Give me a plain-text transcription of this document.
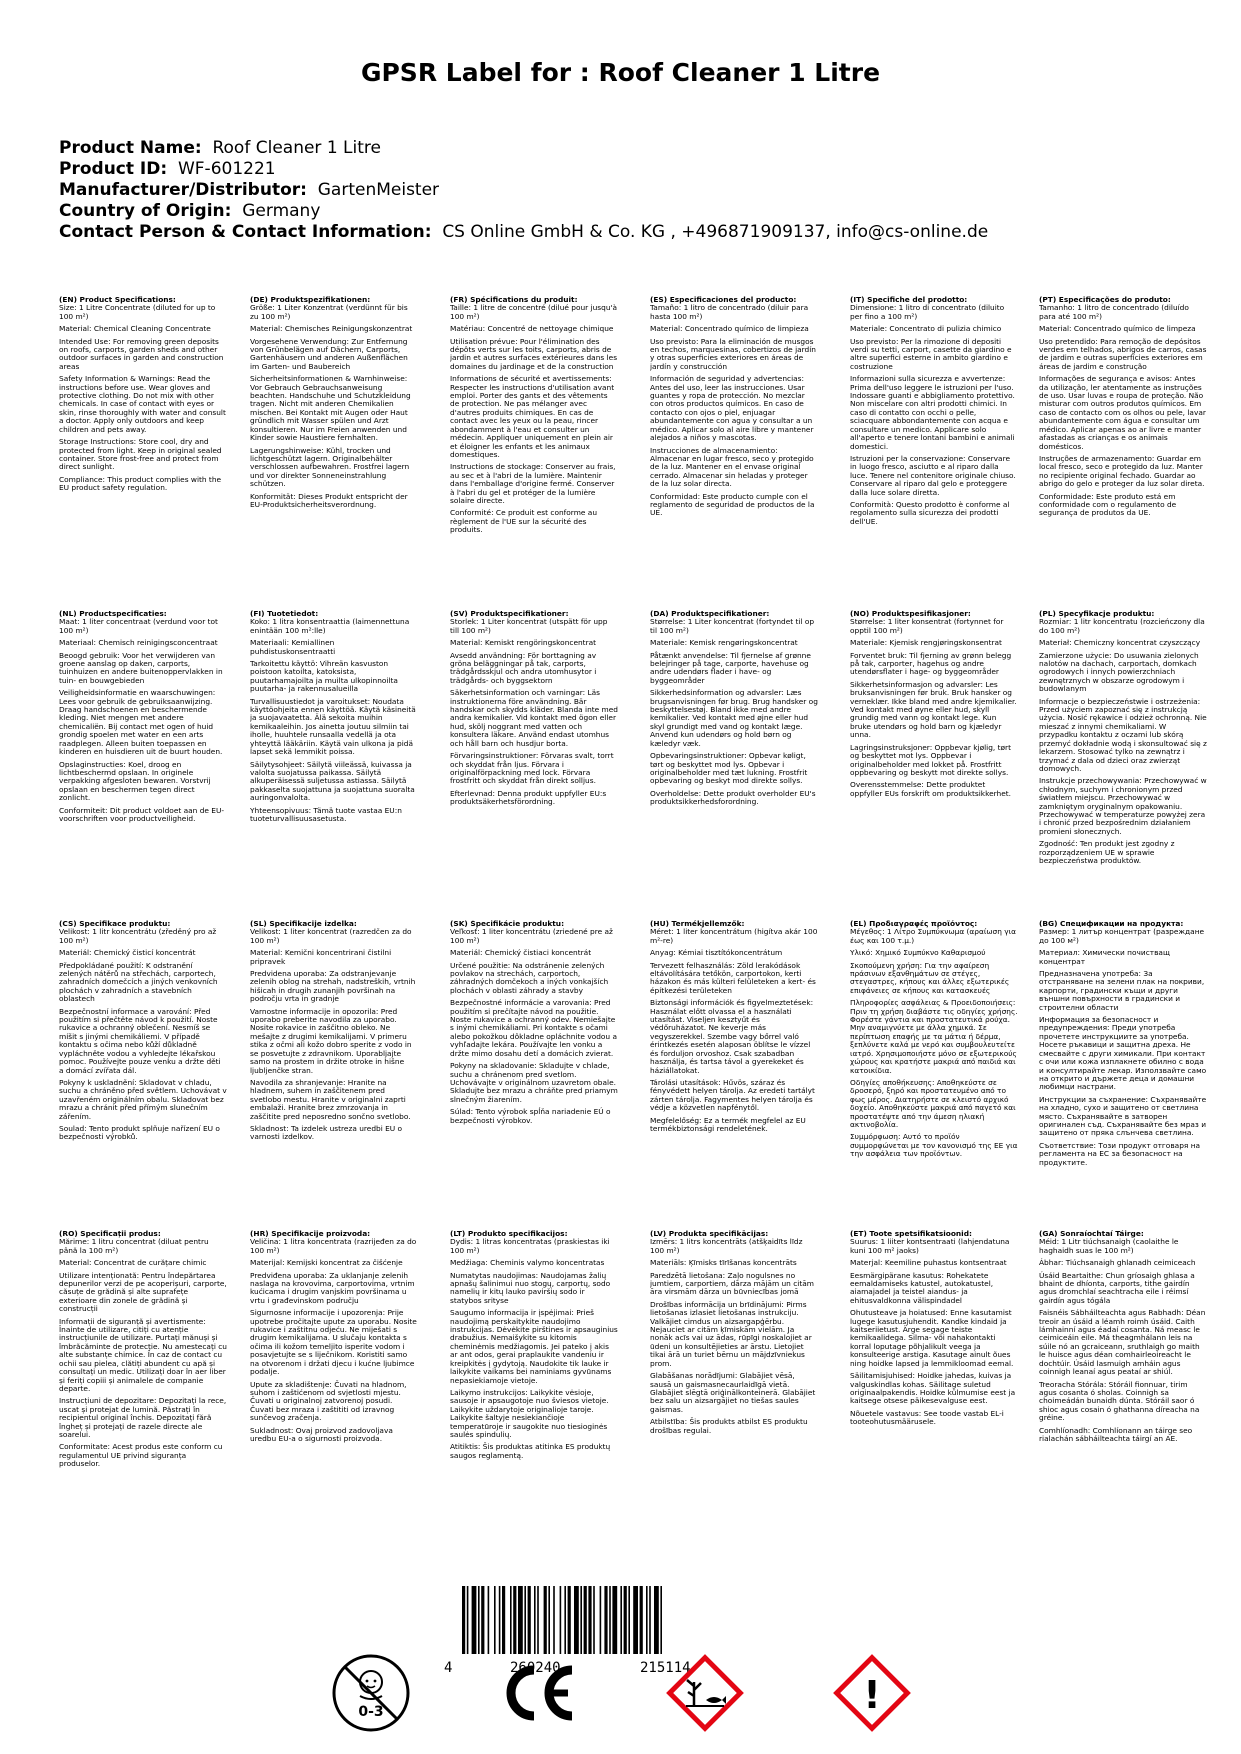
GPSR Label for : Roof Cleaner 1 Litre
Product Name: Roof Cleaner 1 Litre
Product ID: WF-601221
Manufacturer/Distributor: GartenMeister
Country of Origin: Germany
Contact Person & Contact Information: CS Online GmbH & Co. KG , +496871909137, info@cs-online.de
(EN) Product Specifications:

Size: 1 Litre Concentrate (diluted for up to 100 m²)

Material: Chemical Cleaning Concentrate

Intended Use: For removing green deposits on roofs, carports, garden sheds and other outdoor surfaces in garden and construction areas

Safety Information & Warnings: Read the instructions before use. Wear gloves and protective clothing. Do not mix with other chemicals. In case of contact with eyes or skin, rinse thoroughly with water and consult a doctor. Apply only outdoors and keep children and pets away.

Storage Instructions: Store cool, dry and protected from light. Keep in original sealed container. Store frost-free and protect from direct sunlight.

Compliance: This product complies with the EU product safety regulation.

(DE) Produktspezifikationen:

Größe: 1 Liter Konzentrat (verdünnt für bis zu 100 m²)

Material: Chemisches Reinigungskonzentrat

Vorgesehene Verwendung: Zur Entfernung von Grünbelägen auf Dächern, Carports, Gartenhäusern und anderen Außenflächen im Garten- und Baubereich

Sicherheitsinformationen & Warnhinweise: Vor Gebrauch Gebrauchsanweisung beachten. Handschuhe und Schutzkleidung tragen. Nicht mit anderen Chemikalien mischen. Bei Kontakt mit Augen oder Haut gründlich mit Wasser spülen und Arzt konsultieren. Nur im Freien anwenden und Kinder sowie Haustiere fernhalten.

Lagerungshinweise: Kühl, trocken und lichtgeschützt lagern. Originalbehälter verschlossen aufbewahren. Frostfrei lagern und vor direkter Sonneneinstrahlung schützen.

Konformität: Dieses Produkt entspricht der EU-Produktsicherheitsverordnung.

(FR) Spécifications du produit:

Taille: 1 litre de concentré (dilué pour jusqu'à 100 m²)

Matériau: Concentré de nettoyage chimique

Utilisation prévue: Pour l'élimination des dépôts verts sur les toits, carports, abris de jardin et autres surfaces extérieures dans les domaines du jardinage et de la construction

Informations de sécurité et avertissements: Respecter les instructions d'utilisation avant emploi. Porter des gants et des vêtements de protection. Ne pas mélanger avec d'autres produits chimiques. En cas de contact avec les yeux ou la peau, rincer abondamment à l'eau et consulter un médecin. Appliquer uniquement en plein air et éloigner les enfants et les animaux domestiques.

Instructions de stockage: Conserver au frais, au sec et à l'abri de la lumière. Maintenir dans l'emballage d'origine fermé. Conserver à l'abri du gel et protéger de la lumière solaire directe.

Conformité: Ce produit est conforme au règlement de l'UE sur la sécurité des produits.

(ES) Especificaciones del producto:

Tamaño: 1 litro de concentrado (diluir para hasta 100 m²)

Material: Concentrado químico de limpieza

Uso previsto: Para la eliminación de musgos en techos, marquesinas, cobertizos de jardín y otras superficies exteriores en áreas de jardín y construcción

Información de seguridad y advertencias: Antes del uso, leer las instrucciones. Usar guantes y ropa de protección. No mezclar con otros productos químicos. En caso de contacto con ojos o piel, enjuagar abundantemente con agua y consultar a un médico. Aplicar solo al aire libre y mantener alejados a niños y mascotas.

Instrucciones de almacenamiento: Almacenar en lugar fresco, seco y protegido de la luz. Mantener en el envase original cerrado. Almacenar sin heladas y proteger de la luz solar directa.

Conformidad: Este producto cumple con el reglamento de seguridad de productos de la UE.

(IT) Specifiche del prodotto:

Dimensione: 1 litro di concentrato (diluito per fino a 100 m²)

Materiale: Concentrato di pulizia chimico

Uso previsto: Per la rimozione di depositi verdi su tetti, carport, casette da giardino e altre superfici esterne in ambito giardino e costruzione

Informazioni sulla sicurezza e avvertenze: Prima dell'uso leggere le istruzioni per l'uso. Indossare guanti e abbigliamento protettivo. Non miscelare con altri prodotti chimici. In caso di contatto con occhi o pelle, sciacquare abbondantemente con acqua e consultare un medico. Applicare solo all'aperto e tenere lontani bambini e animali domestici.

Istruzioni per la conservazione: Conservare in luogo fresco, asciutto e al riparo dalla luce. Tenere nel contenitore originale chiuso. Conservare al riparo dal gelo e proteggere dalla luce solare diretta.

Conformità: Questo prodotto è conforme al regolamento sulla sicurezza dei prodotti dell'UE.

(PT) Especificações do produto:

Tamanho: 1 litro de concentrado (diluído para até 100 m²)

Material: Concentrado químico de limpeza

Uso pretendido: Para remoção de depósitos verdes em telhados, abrigos de carros, casas de jardim e outras superfícies exteriores em áreas de jardim e construção

Informações de segurança e avisos: Antes da utilização, ler atentamente as instruções de uso. Usar luvas e roupa de proteção. Não misturar com outros produtos químicos. Em caso de contacto com os olhos ou pele, lavar abundantemente com água e consultar um médico. Aplicar apenas ao ar livre e manter afastadas as crianças e os animais domésticos.

Instruções de armazenamento: Guardar em local fresco, seco e protegido da luz. Manter no recipiente original fechado. Guardar ao abrigo do gelo e proteger da luz solar direta.

Conformidade: Este produto está em conformidade com o regulamento de segurança de produtos da UE.

(NL) Productspecificaties:

Maat: 1 liter concentraat (verdund voor tot 100 m²)

Materiaal: Chemisch reinigingsconcentraat

Beoogd gebruik: Voor het verwijderen van groene aanslag op daken, carports, tuinhuizen en andere buitenoppervlakken in tuin- en bouwgebieden

Veiligheidsinformatie en waarschuwingen: Lees voor gebruik de gebruiksaanwijzing. Draag handschoenen en beschermende kleding. Niet mengen met andere chemicaliën. Bij contact met ogen of huid grondig spoelen met water en een arts raadplegen. Alleen buiten toepassen en kinderen en huisdieren uit de buurt houden.

Opslaginstructies: Koel, droog en lichtbeschermd opslaan. In originele verpakking afgesloten bewaren. Vorstvrij opslaan en beschermen tegen direct zonlicht.

Conformiteit: Dit product voldoet aan de EU-voorschriften voor productveiligheid.

(FI) Tuotetiedot:

Koko: 1 litra konsentraattia (laimennettuna enintään 100 m²:lle)

Materiaali: Kemiallinen puhdistuskonsentraatti

Tarkoitettu käyttö: Vihreän kasvuston poistoon katoilta, katoksista, puutarhamajoilta ja muilta ulkopinnoilta puutarha- ja rakennusalueilla

Turvallisuustiedot ja varoitukset: Noudata käyttöohjeita ennen käyttöä. Käytä käsineitä ja suojavaatetta. Älä sekoita muihin kemikaaleihin. Jos ainetta joutuu silmiin tai iholle, huuhtele runsaalla vedellä ja ota yhteyttä lääkäriin. Käytä vain ulkona ja pidä lapset sekä lemmikit poissa.

Säilytysohjeet: Säilytä viileässä, kuivassa ja valolta suojatussa paikassa. Säilytä alkuperäisessä suljetussa astiassa. Säilytä pakkaselta suojattuna ja suojattuna suoralta auringonvalolta.

Yhteensopivuus: Tämä tuote vastaa EU:n tuoteturvallisuusasetusta.

(SV) Produktspecifikationer:

Storlek: 1 Liter koncentrat (utspätt för upp till 100 m²)

Material: Kemiskt rengöringskoncentrat

Avsedd användning: För borttagning av gröna beläggningar på tak, carports, trädgårdsskjul och andra utomhusytor i trädgårds- och byggsektorn

Säkerhetsinformation och varningar: Läs instruktionerna före användning. Bär handskar och skydds kläder. Blanda inte med andra kemikalier. Vid kontakt med ögon eller hud, skölj noggrant med vatten och konsultera läkare. Använd endast utomhus och håll barn och husdjur borta.

Förvaringsinstruktioner: Förvaras svalt, torrt och skyddat från ljus. Förvara i originalförpackning med lock. Förvara frostfritt och skyddat från direkt solljus.

Efterlevnad: Denna produkt uppfyller EU:s produktsäkerhetsförordning.

(DA) Produktspecifikationer:

Størrelse: 1 Liter koncentrat (fortyndet til op til 100 m²)

Materiale: Kemisk rengøringskoncentrat

Påtænkt anvendelse: Til fjernelse af grønne belejringer på tage, carporte, havehuse og andre udendørs flader i have- og byggeområder

Sikkerhedsinformation og advarsler: Læs brugsanvisningen før brug. Brug handsker og beskyttelsestøj. Bland ikke med andre kemikalier. Ved kontakt med øjne eller hud skyl grundigt med vand og kontakt læge. Anvend kun udendørs og hold børn og kæledyr væk.

Opbevaringsinstruktioner: Opbevar køligt, tørt og beskyttet mod lys. Opbevar i originalbeholder med tæt lukning. Frostfrit opbevaring og beskyt mod direkte sollys.

Overholdelse: Dette produkt overholder EU's produktsikkerhedsforordning.

(NO) Produktspesifikasjoner:

Størrelse: 1 liter konsentrat (fortynnet for opptil 100 m²)

Materiale: Kjemisk rengjøringskonsentrat

Forventet bruk: Til fjerning av grønn belegg på tak, carporter, hagehus og andre utendørsflater i hage- og byggeområder

Sikkerhetsinformasjon og advarsler: Les bruksanvisningen før bruk. Bruk hansker og verneklær. Ikke bland med andre kjemikalier. Ved kontakt med øyne eller hud, skyll grundig med vann og kontakt lege. Kun bruke utendørs og hold barn og kjæledyr unna.

Lagringsinstruksjoner: Oppbevar kjølig, tørt og beskyttet mot lys. Oppbevar i originalbeholder med lokket på. Frostfritt oppbevaring og beskytt mot direkte sollys.

Overensstemmelse: Dette produktet oppfyller EUs forskrift om produktsikkerhet.

(PL) Specyfikacje produktu:

Rozmiar: 1 litr koncentratu (rozcieńczony dla do 100 m²)

Materiał: Chemiczny koncentrat czyszczący

Zamierzone użycie: Do usuwania zielonych nalotów na dachach, carportach, domkach ogrodowych i innych powierzchniach zewnętrznych w obszarze ogrodowym i budowlanym

Informacje o bezpieczeństwie i ostrzeżenia: Przed użyciem zapoznać się z instrukcją użycia. Nosić rękawice i odzież ochronną. Nie mieszać z innymi chemikaliami. W przypadku kontaktu z oczami lub skórą przemyć dokładnie wodą i skonsultować się z lekarzem. Stosować tylko na zewnątrz i trzymać z dala od dzieci oraz zwierząt domowych.

Instrukcje przechowywania: Przechowywać w chłodnym, suchym i chronionym przed światłem miejscu. Przechowywać w zamkniętym oryginalnym opakowaniu. Przechowywać w temperaturze powyżej zera i chronić przed bezpośrednim działaniem promieni słonecznych.

Zgodność: Ten produkt jest zgodny z rozporządzeniem UE w sprawie bezpieczeństwa produktów.

(CS) Specifikace produktu:

Velikost: 1 litr koncentrátu (zředěný pro až 100 m²)

Materiál: Chemický čisticí koncentrát

Předpokládané použití: K odstranění zelených nátěrů na střechách, carportech, zahradních domečcích a jiných venkovních plochách v zahradních a stavebních oblastech

Bezpečnostní informace a varování: Před použitím si přečtěte návod k použití. Noste rukavice a ochranný oblečení. Nesmíš se míšit s jinými chemikáliemi. V případě kontaktu s očima nebo kůží důkladně vypláchněte vodou a vyhledejte lékařskou pomoc. Používejte pouze venku a držte děti a domácí zvířata dál.

Pokyny k uskladnění: Skladovat v chladu, suchu a chráněno před světlem. Uchovávat v uzavřeném originálním obalu. Skladovat bez mrazu a chránit před přímým slunečním zářením.

Soulad: Tento produkt splňuje nařízení EU o bezpečnosti výrobků.

(SL) Specifikacije izdelka:

Velikost: 1 liter koncentrat (razredčen za do 100 m²)

Material: Kemični koncentrirani čistilni pripravek

Predvidena uporaba: Za odstranjevanje zelenih oblog na strehah, nadstreških, vrtnih hišicah in drugih zunanjih površinah na področju vrta in gradnje

Varnostne informacije in opozorila: Pred uporabo preberite navodila za uporabo. Nosite rokavice in zaščitno obleko. Ne mešajte z drugimi kemikalijami. V primeru stika z očmi ali kožo dobro sperite z vodo in se posvetujte z zdravnikom. Uporabljajte samo na prostem in držite otroke in hišne ljubljenčke stran.

Navodila za shranjevanje: Hranite na hladnem, suhem in zaščitenem pred svetlobo mestu. Hranite v originalni zaprti embalaži. Hranite brez zmrzovanja in zaščitite pred neposredno sončno svetlobo.

Skladnost: Ta izdelek ustreza uredbi EU o varnosti izdelkov.

(SK) Špecifikácie produktu:

Veľkosť: 1 liter koncentrátu (zriedené pre až 100 m²)

Materiál: Chemický čistiaci koncentrát

Určené použitie: Na odstránenie zelených povlakov na strechách, carportoch, záhradných domčekoch a iných vonkajších plochách v oblasti záhrady a stavby

Bezpečnostné informácie a varovania: Pred použitím si prečítajte návod na použitie. Noste rukavice a ochranný odev. Nemiešajte s inými chemikáliami. Pri kontakte s očami alebo pokožkou dôkladne opláchnite vodou a vyhľadajte lekára. Používajte len vonku a držte mimo dosahu detí a domácich zvierat.

Pokyny na skladovanie: Skladujte v chlade, suchu a chránenom pred svetlom. Uchovávajte v originálnom uzavretom obale. Skladujte bez mrazu a chráňte pred priamym slnečným žiarením.

Súlad: Tento výrobok spĺňa nariadenie EÚ o bezpečnosti výrobkov.

(HU) Termékjellemzők:

Méret: 1 liter koncentrátum (higítva akár 100 m²-re)

Anyag: Kémiai tisztítókoncentrátum

Tervezett felhasználás: Zöld lerakódások eltávolítására tetőkön, carportokon, kerti házakon és más külteri felületeken a kert- és építkezési területeken

Biztonsági információk és figyelmeztetések: Használat előtt olvassa el a használati utasítást. Viseljen kesztyűt és védőruházatot. Ne keverje más vegyszerekkel. Szembe vagy bőrrel való érintkezés esetén alaposan öblítse le vízzel és forduljon orvoshoz. Csak szabadban használja, és tartsa távol a gyerekeket és háziállatokat.

Tárolási utasítások: Hűvös, száraz és fényvédett helyen tárolja. Az eredeti tartályt zárten tárolja. Fagymentes helyen tárolja és védje a közvetlen napfénytől.

Megfelelőség: Ez a termék megfelel az EU termékbiztonsági rendeletének.

(EL) Προδιαγραφές προϊόντος:

Μέγεθος: 1 Λίτρο Συμπύκνωμα (αραίωση για έως και 100 τ.μ.)

Υλικό: Χημικό Συμπύκνο Καθαρισμού

Σκοπούμενη χρήση: Για την αφαίρεση πράσινων εξανθημάτων σε στέγες, στεγαστρες, κήπους και άλλες εξωτερικές επιφάνειες σε κήπους και κατασκευές

Πληροφορίες ασφάλειας & Προειδοποιήσεις: Πριν τη χρήση διαβάστε τις οδηγίες χρήσης. Φορέστε γάντια και προστατευτικά ρούχα. Μην αναμιγνύετε με άλλα χημικά. Σε περίπτωση επαφής με τα μάτια ή δέρμα, ξεπλύνετε καλά με νερό και συμβουλευτείτε ιατρό. Χρησιμοποιήστε μόνο σε εξωτερικούς χώρους και κρατήστε μακριά από παιδιά και κατοικίδια.

Οδηγίες αποθήκευσης: Αποθηκεύστε σε δροσερό, ξηρό και προστατευμένο από το φως μέρος. Διατηρήστε σε κλειστό αρχικό δοχείο. Αποθηκεύστε μακριά από παγετό και προστατέψτε από την άμεση ηλιακή ακτινοβολία.

Συμμόρφωση: Αυτό το προϊόν συμμορφώνεται με τον κανονισμό της ΕΕ για την ασφάλεια των προϊόντων.

(BG) Спецификации на продукта:

Размер: 1 литър концентрат (разреждане до 100 м²)

Материал: Химически почистващ концентрат

Предназначена употреба: За отстраняване на зелени плак на покриви, карпорти, градински къщи и други външни повърхности в градински и строителни области

Информация за безопасност и предупреждения: Преди употреба прочетете инструкциите за употреба. Носете ръкавици и защитна дреха. Не смесвайте с други химикали. При контакт с очи или кожа изплакнете обилно с вода и консултирайте лекар. Използвайте само на открито и държете деца и домашни любимци настрани.

Инструкции за съхранение: Съхранявайте на хладно, сухо и защитено от светлина място. Съхранявайте в затворен оригинален съд. Съхранявайте без мраз и защитено от пряка слънчева светлина.

Съответствие: Този продукт отговаря на регламента на ЕС за безопасност на продуктите.

(RO) Specificații produs:

Mărime: 1 litru concentrat (diluat pentru până la 100 m²)

Material: Concentrat de curățare chimic

Utilizare intenționată: Pentru îndepărtarea depunerilor verzi de pe acoperișuri, carporte, căsuțe de grădină și alte suprafețe exterioare din zonele de grădină și construcții

Informații de siguranță și avertismente: Înainte de utilizare, citiți cu atenție instrucțiunile de utilizare. Purtați mănuși și îmbrăcăminte de protecție. Nu amestecați cu alte substanțe chimice. În caz de contact cu ochii sau pielea, clătiți abundent cu apă și consultați un medic. Utilizați doar în aer liber și feriți copiii și animalele de companie departe.

Instrucțiuni de depozitare: Depozitați la rece, uscat și protejat de lumină. Păstrați în recipientul original închis. Depozitați fără îngheț și protejați de razele directe ale soarelui.

Conformitate: Acest produs este conform cu regulamentul UE privind siguranța produselor.

(HR) Specifikacije proizvoda:

Veličina: 1 litra koncentrata (razrijeđen za do 100 m²)

Materijal: Kemijski koncentrat za čišćenje

Predviđena uporaba: Za uklanjanje zelenih naslaga na krovovima, carportovima, vrtnim kućicama i drugim vanjskim površinama u vrtu i građevinskom području

Sigurnosne informacije i upozorenja: Prije upotrebe pročitajte upute za uporabu. Nosite rukavice i zaštitnu odjeću. Ne miješati s drugim kemikalijama. U slučaju kontakta s očima ili kožom temeljito isperite vodom i posavjetujte se s liječnikom. Koristiti samo na otvorenom i držati djecu i kućne ljubimce podalje.

Upute za skladištenje: Čuvati na hladnom, suhom i zaštićenom od svjetlosti mjestu. Čuvati u originalnoj zatvorenoj posudi. Čuvati bez mraza i zaštititi od izravnog sunčevog zračenja.

Sukladnost: Ovaj proizvod zadovoljava uredbu EU-a o sigurnosti proizvoda.

(LT) Produkto specifikacijos:

Dydis: 1 litras koncentratas (praskiestas iki 100 m²)

Medžiaga: Cheminis valymo koncentratas

Numatytas naudojimas: Naudojamas žalių apnašų šalinimui nuo stogų, carportų, sodo namelių ir kitų lauko paviršių sodo ir statybos srityse

Saugumo informacija ir įspėjimai: Prieš naudojimą perskaitykite naudojimo instrukcijas. Dėvėkite pirštines ir apsauginius drabužius. Nemaišykite su kitomis cheminėmis medžiagomis. Jei pateko į akis ar ant odos, gerai praplaukite vandeniu ir kreipkitės į gydytoją. Naudokite tik lauke ir laikykite vaikams bei naminiams gyvūnams nepasiekiamoje vietoje.

Laikymo instrukcijos: Laikykite vėsioje, sausoje ir apsaugotoje nuo šviesos vietoje. Laikykite uždarytoje originalioje taroje. Laikykite šaltyje nesiekiančioje temperatūroje ir saugokite nuo tiesioginės saulės spindulių.

Atitiktis: Šis produktas atitinka ES produktų saugos reglamentą.

(LV) Produkta specifikācijas:

Izmērs: 1 litrs koncentrāts (atšķaidīts līdz 100 m²)

Materiāls: Ķīmisks tīrīšanas koncentrāts

Paredzētā lietošana: Zaļo nogulsnes no jumtiem, carportiem, dārza mājām un citām āra virsmām dārza un būvniecības jomā

Drošības informācija un brīdinājumi: Pirms lietošanas izlasiet lietošanas instrukciju. Valkājiet cimdus un aizsargapģērbu. Nejauciet ar citām ķīmiskām vielām. Ja nonāk acīs vai uz ādas, rūpīgi noskalojiet ar ūdeni un konsultējieties ar ārstu. Lietojiet tikai ārā un turiet bērnu un mājdzīvniekus prom.

Glabāšanas norādījumi: Glabājiet vēsā, sausā un gaismasnecaurlaidīgā vietā. Glabājiet slēgtā oriģinālkonteinerā. Glabājiet bez salu un aizsargājiet no tiešas saules gaismas.

Atbilstība: Šis produkts atbilst ES produktu drošības regulai.

(ET) Toote spetsifikatsioonid:

Suurus: 1 liiter kontsentraati (lahjendatuna kuni 100 m² jaoks)

Materjal: Keemiline puhastus kontsentraat

Eesmärgipärane kasutus: Rohekatete eemaldamiseks katustel, autokatustel, aiamajadel ja teistel aiandus- ja ehitusvaldkonna välispindadel

Ohutusteave ja hoiatused: Enne kasutamist lugege kasutusjuhendit. Kandke kindaid ja kaitseriietust. Ärge segage teiste kemikaalidega. Silma- või nahakontakti korral loputage põhjalikult veega ja konsulteerige arstiga. Kasutage ainult õues ning hoidke lapsed ja lemmikloomad eemal.

Säilitamisjuhised: Hoidke jahedas, kuivas ja valguskindlas kohas. Säilitage suletud originaalpakendis. Hoidke külmumise eest ja kaitsege otsese päikesevalguse eest.

Nõuetele vastavus: See toode vastab EL-i tooteohutusmäärusele.

(GA) Sonraíochtaí Táirge:

Méid: 1 Litr tiúchsanaigh (caolaithe le haghaidh suas le 100 m²)

Ábhar: Tiúchsanaigh ghlanadh ceimiceach

Úsáid Beartaithe: Chun gríosaigh ghlasa a bhaint de dhíonta, carports, tithe gairdín agus dromchlaí seachtracha eile i réimsí gairdín agus tógála

Faisnéis Sábháilteachta agus Rabhadh: Déan treoir an úsáid a léamh roimh úsáid. Caith lámhainní agus éadaí cosanta. Ná measc le ceimiceáin eile. Má theagmhálann leis na súile nó an gcraiceann, sruthlaigh go maith le huisce agus déan comhairleoireacht le dochtúir. Úsáid lasmuigh amháin agus coinnigh leanaí agus peataí ar shiúl.

Treoracha Stórála: Stóráil fionnuar, tirim agus cosanta ó sholas. Coinnigh sa choimeádán bunaidh dúnta. Stóráil saor ó shioc agus cosain ó ghathanna díreacha na gréine.

Comhlíonadh: Comhlíonann an táirge seo rialachán sábháilteachta táirgí an AE.

4	260240	215114
0-3	!
